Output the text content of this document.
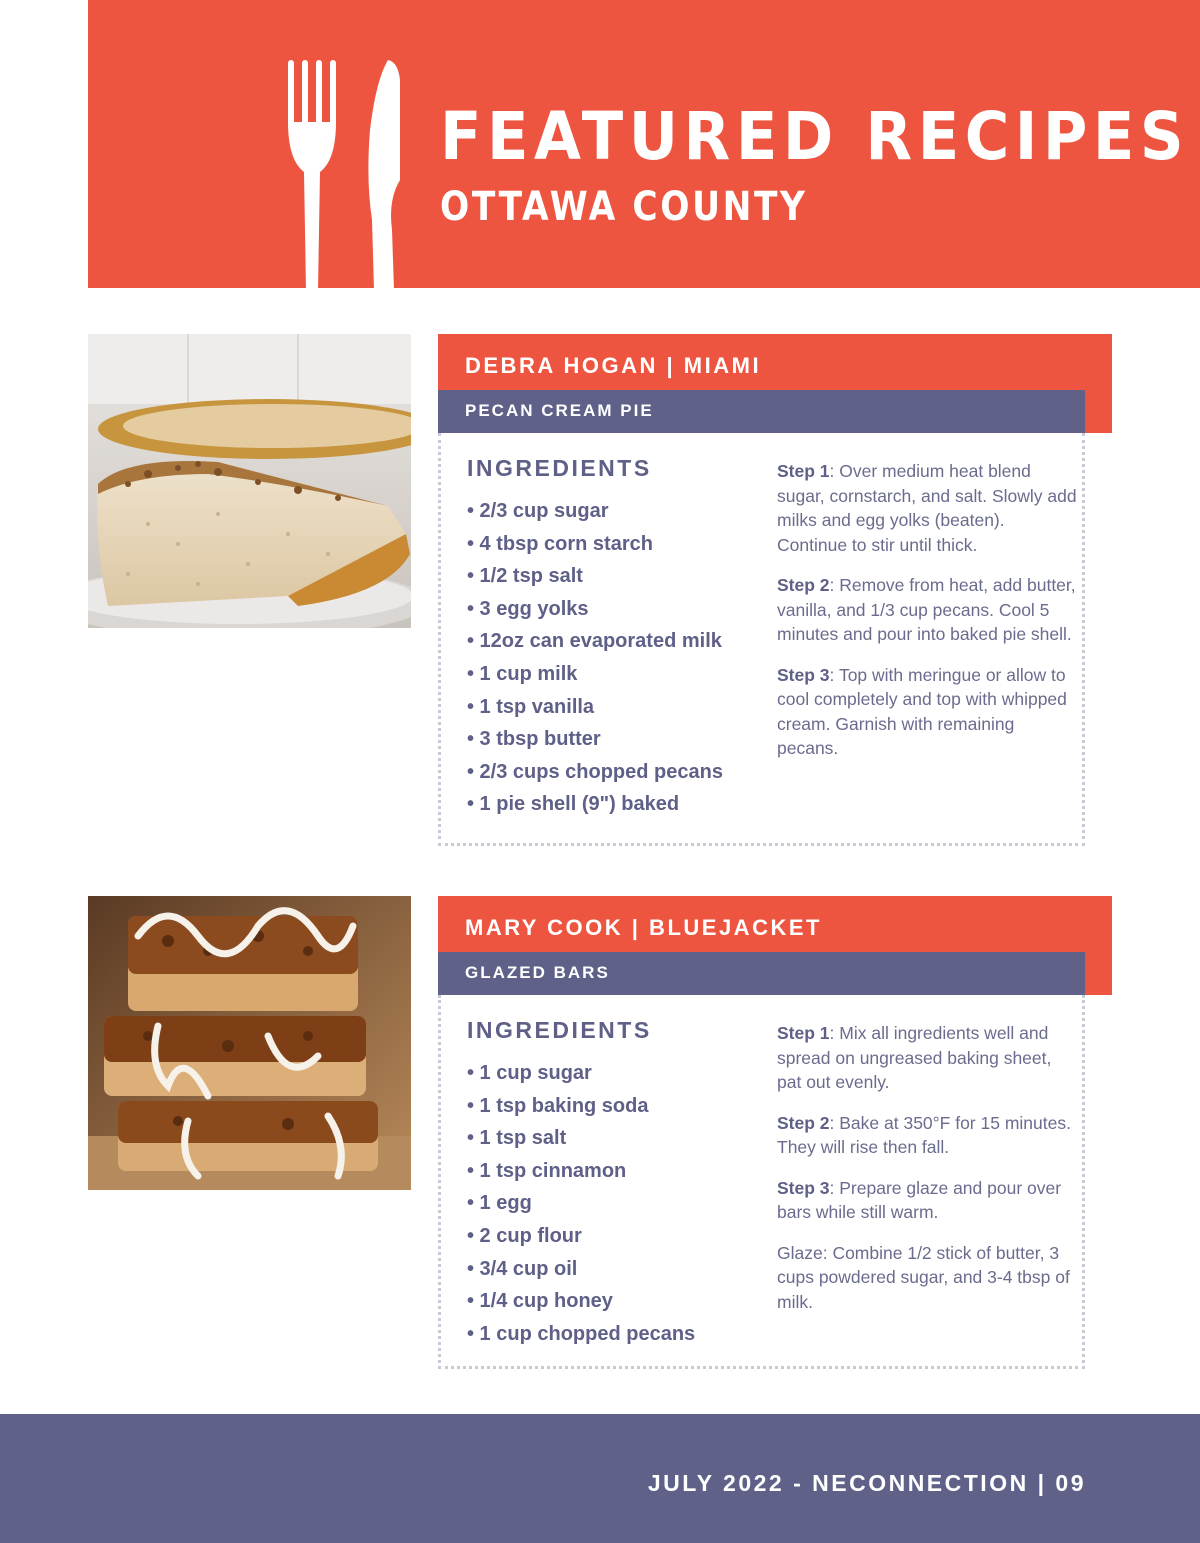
FEATURED RECIPES
OTTAWA COUNTY
DEBRA HOGAN | MIAMI
PECAN CREAM PIE
INGREDIENTS
• 2/3 cup sugar
• 4 tbsp corn starch
• 1/2 tsp salt
• 3 egg yolks
• 12oz can evaporated milk
• 1 cup milk
• 1 tsp vanilla
• 3 tbsp butter
• 2/3 cups chopped pecans
• 1 pie shell (9") baked

Step 1: Over medium heat blend sugar, cornstarch, and salt. Slowly add milks and egg yolks (beaten). Continue to stir until thick.

Step 2: Remove from heat, add butter, vanilla, and 1/3 cup pecans. Cool 5 minutes and pour into baked pie shell.

Step 3: Top with meringue or allow to cool completely and top with whipped cream. Garnish with remaining pecans.

MARY COOK | BLUEJACKET
GLAZED BARS
INGREDIENTS
• 1 cup sugar
• 1 tsp baking soda
• 1 tsp salt
• 1 tsp cinnamon
• 1 egg
• 2 cup flour
• 3/4 cup oil
• 1/4 cup honey
• 1 cup chopped pecans

Step 1: Mix all ingredients well and spread on ungreased baking sheet, pat out evenly.

Step 2: Bake at 350°F for 15 minutes. They will rise then fall.

Step 3: Prepare glaze and pour over bars while still warm.

Glaze: Combine 1/2 stick of butter, 3 cups powdered sugar, and 3-4 tbsp of milk.

JULY 2022 - NECONNECTION | 09
